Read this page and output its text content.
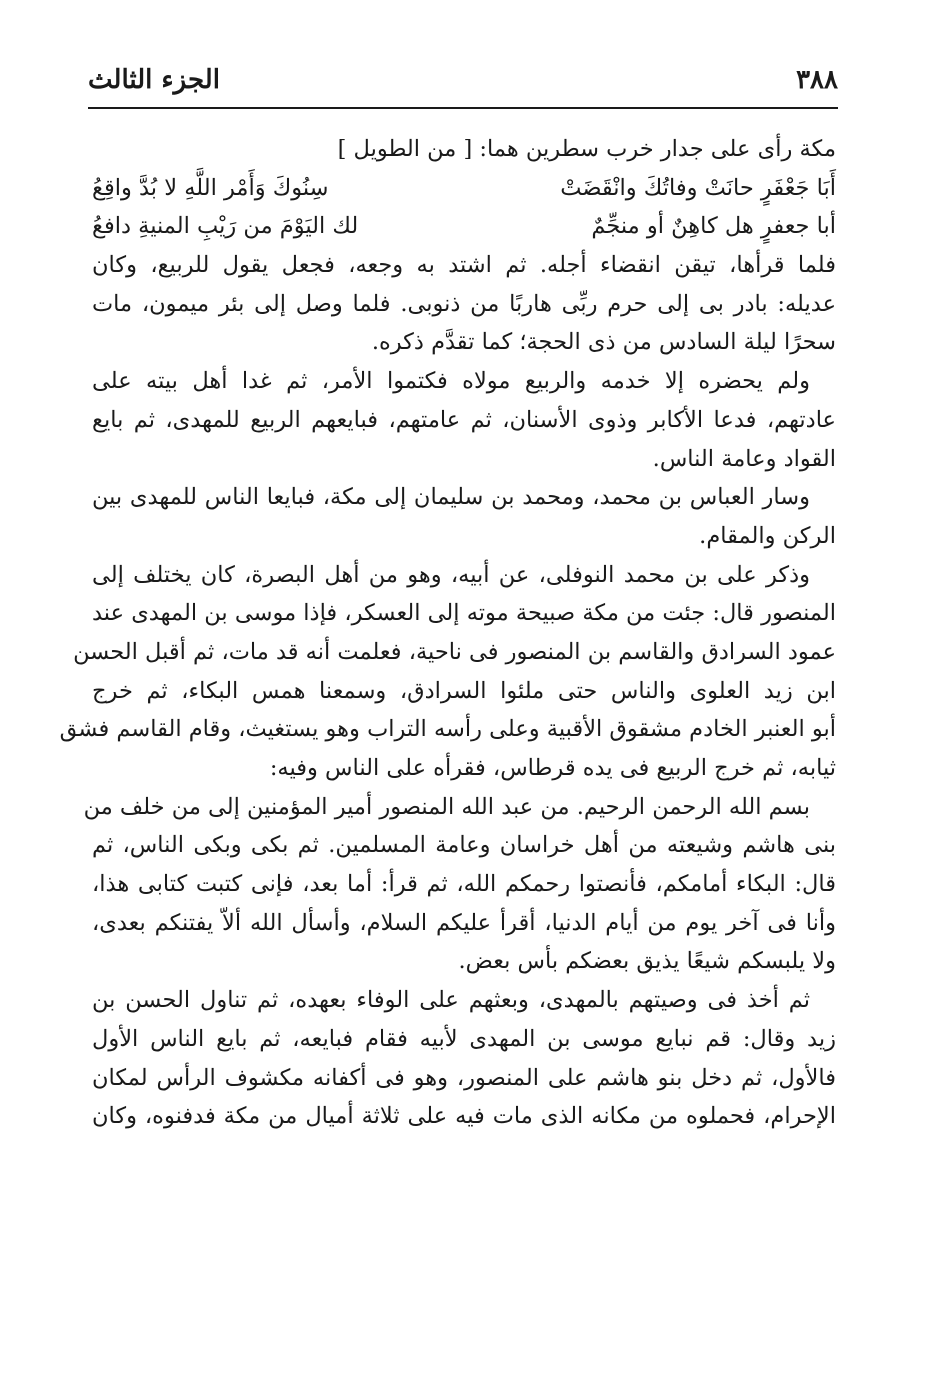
٣٨٨
الجزء الثالث
مكة رأى على جدار خرب سطرين هما: [ من الطويل ]
أَبَا جَعْفَرٍ حانَتْ وفاتُكَ وانْقَضَتْ
سِنُوكَ وَأَمْر اللَّهِ لا بُدَّ واقِعُ
أبا جعفرٍ هل كاهِنٌ أو منجِّمٌ
لك اليَوْمَ من رَيْبِ المنيةِ دافعُ
فلما قرأها، تيقن انقضاء أجله. ثم اشتد به وجعه، فجعل يقول للربيع، وكان
عديله: بادر بى إلى حرم ربِّى هاربًا من ذنوبى. فلما وصل إلى بئر ميمون، مات
سحرًا ليلة السادس من ذى الحجة؛ كما تقدَّم ذكره.
ولم يحضره إلا خدمه والربيع مولاه فكتموا الأمر، ثم غدا أهل بيته على
عادتهم، فدعا الأكابر وذوى الأسنان، ثم عامتهم، فبايعهم الربيع للمهدى، ثم بايع
القواد وعامة الناس.
وسار العباس بن محمد، ومحمد بن سليمان إلى مكة، فبايعا الناس للمهدى بين
الركن والمقام.
وذكر على بن محمد النوفلى، عن أبيه، وهو من أهل البصرة، كان يختلف إلى
المنصور قال: جئت من مكة صبيحة موته إلى العسكر، فإذا موسى بن المهدى عند
عمود السرادق والقاسم بن المنصور فى ناحية، فعلمت أنه قد مات، ثم أقبل الحسن
ابن زيد العلوى والناس حتى ملئوا السرادق، وسمعنا همس البكاء، ثم خرج
أبو العنبر الخادم مشقوق الأقبية وعلى رأسه التراب وهو يستغيث، وقام القاسم فشق
ثيابه، ثم خرج الربيع فى يده قرطاس، فقرأه على الناس وفيه:
بسم الله الرحمن الرحيم. من عبد الله المنصور أمير المؤمنين إلى من خلف من
بنى هاشم وشيعته من أهل خراسان وعامة المسلمين. ثم بكى وبكى الناس، ثم
قال: البكاء أمامكم، فأنصتوا رحمكم الله، ثم قرأ: أما بعد، فإنى كتبت كتابى هذا،
وأنا فى آخر يوم من أيام الدنيا، أقرأ عليكم السلام، وأسأل الله ألاّ يفتنكم بعدى،
ولا يلبسكم شيعًا يذيق بعضكم بأس بعض.
ثم أخذ فى وصيتهم بالمهدى، وبعثهم على الوفاء بعهده، ثم تناول الحسن بن
زيد وقال: قم نبايع موسى بن المهدى لأبيه فقام فبايعه، ثم بايع الناس الأول
فالأول، ثم دخل بنو هاشم على المنصور، وهو فى أكفانه مكشوف الرأس لمكان
الإحرام، فحملوه من مكانه الذى مات فيه على ثلاثة أميال من مكة فدفنوه، وكان
